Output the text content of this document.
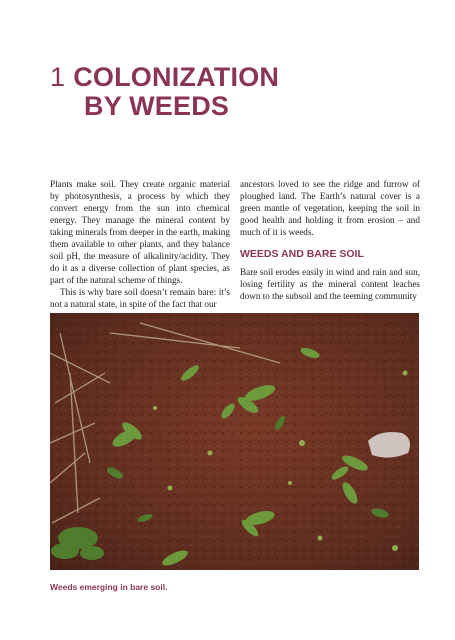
1 COLONIZATION
BY WEEDS

Plants make soil. They create organic material by photosynthesis, a process by which they convert energy from the sun into chemical energy. They manage the mineral content by taking minerals from deeper in the earth, making them available to other plants, and they balance soil pH, the measure of alkalinity/acidity. They do it as a diverse collection of plant species, as part of the natural scheme of things.

This is why bare soil doesn’t remain bare: it’s not a natural state, in spite of the fact that our

ancestors loved to see the ridge and furrow of ploughed land. The Earth’s natural cover is a green mantle of vegetation, keeping the soil in good health and holding it from erosion – and much of it is weeds.

WEEDS AND BARE SOIL

Bare soil erodes easily in wind and rain and sun, losing fertility as the mineral content leaches down to the subsoil and the teeming community

Weeds emerging in bare soil.
